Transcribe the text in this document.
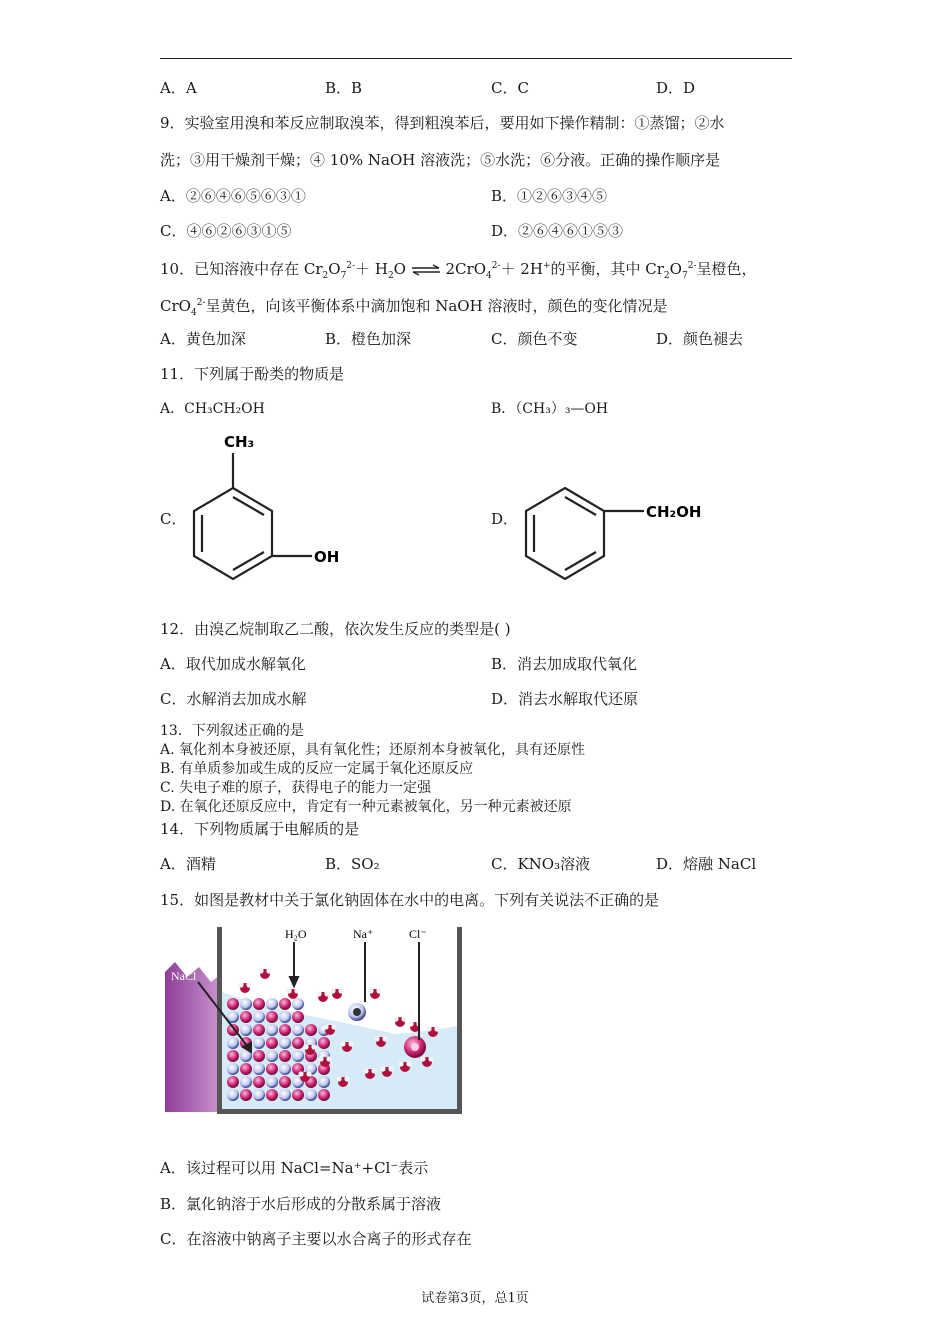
A．A	B．B	C．C	D．D
9．实验室用溴和苯反应制取溴苯，得到粗溴苯后，要用如下操作精制：①蒸馏；②水
洗；③用干燥剂干燥；④ 10% NaOH 溶液洗；⑤水洗；⑥分液。正确的操作顺序是
A．②⑥④⑥⑤⑥③①	B．①②⑥③④⑤
C．④⑥②⑥③①⑤	D．②⑥④⑥①⑤③
10．已知溶液中存在 $Cr_2O_7^{2-}+ H_2O$ ⇌ 2CrO$_4^{2-}$＋ 2H+的平衡，其中 $Cr_2O_7^{2-}$呈橙色，
CrO$_4^{2-}$呈黄色，向该平衡体系中滴加饱和 NaOH 溶液时，颜色的变化情况是
A．黄色加深	B．橙色加深	C．颜色不变	D．颜色褪去
11．下列属于酚类的物质是
A．CH₃CH₂OH	B．（CH₃）₃—OH
C．	D．
CH₃
OH
CH₂OH
12．由溴乙烷制取乙二酸，依次发生反应的类型是( )
A．取代加成水解氧化	B．消去加成取代氧化
C．水解消去加成水解	D．消去水解取代还原
13．下列叙述正确的是
A. 氧化剂本身被还原，具有氧化性；还原剂本身被氧化，具有还原性
B. 有单质参加或生成的反应一定属于氧化还原反应
C. 失电子难的原子，获得电子的能力一定强
D. 在氧化还原反应中，肯定有一种元素被氧化，另一种元素被还原
14．下列物质属于电解质的是
A．酒精	B．SO₂	C．KNO₃溶液	D．熔融 NaCl
15．如图是教材中关于氯化钠固体在水中的电离。下列有关说法不正确的是
H₂O	Na⁺	Cl⁻
NaCl
A．该过程可以用 NaCl=Na⁺+Cl⁻表示
B．氯化钠溶于水后形成的分散系属于溶液
C．在溶液中钠离子主要以水合离子的形式存在
试卷第3页，总1页
